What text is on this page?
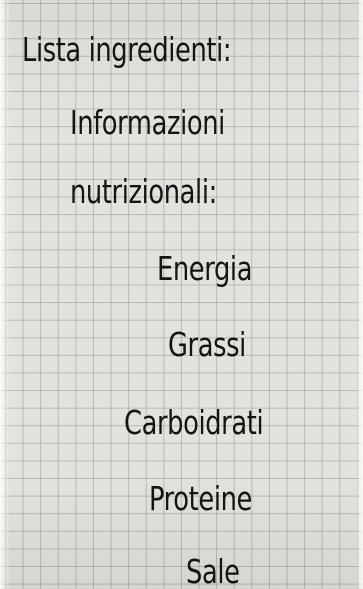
Lista ingredienti:

Informazioni

nutrizionali:

Energia

Grassi

Carboidrati

Proteine

Sale
